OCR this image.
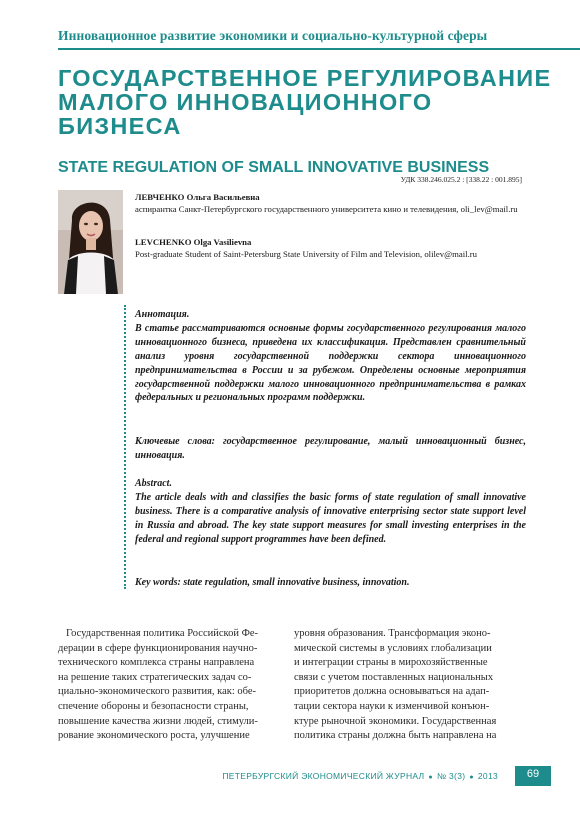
Инновационное развитие экономики и социально-культурной сферы
ГОСУДАРСТВЕННОЕ РЕГУЛИРОВАНИЕ
МАЛОГО ИННОВАЦИОННОГО
БИЗНЕСА
STATE REGULATION OF SMALL INNOVATIVE BUSINESS
УДК 338.246.025.2 : [338.22 : 001.895]
ЛЕВЧЕНКО Ольга Васильевна
аспирантка Санкт-Петербургского государственного университета кино и телевидения, oli_lev@mail.ru
LEVCHENKO Olga Vasilievna
Post-graduate Student of Saint-Petersburg State University of Film and Television, olilev@mail.ru

Аннотация.

В статье рассматриваются основные формы государственного регулирования малого инновационного бизнеса, приведена их классификация. Представлен сравнительный анализ уровня государственной поддержки сектора инновационного предпринимательства в России и за рубежом. Определены основные мероприятия государственной поддержки малого инновационного предпринимательства в рамках федеральных и региональных программ поддержки.

Ключевые слова: государственное регулирование, малый инновационный бизнес, инновация.

Abstract.

The article deals with and classifies the basic forms of state regulation of small innovative business. There is a comparative analysis of innovative enterprising sector state support level in Russia and abroad. The key state support measures for small investing enterprises in the federal and regional support programmes have been defined.

Key words: state regulation, small innovative business, innovation.

Государственная политика Российской Фе-
дерации в сфере функционирования научно-
технического комплекса страны направлена
на решение таких стратегических задач со-
циально-экономического развития, как: обе-
спечение обороны и безопасности страны,
повышение качества жизни людей, стимули-
рование экономического роста, улучшение
уровня образования. Трансформация эконо-
мической системы в условиях глобализации
и интеграции страны в мирохозяйственные
связи с учетом поставленных национальных
приоритетов должна основываться на адап-
тации сектора науки к изменчивой конъюн-
ктуре рыночной экономики. Государственная
политика страны должна быть направлена на
ПЕТЕРБУРГСКИЙ ЭКОНОМИЧЕСКИЙ ЖУРНАЛ ● № 3(3) ● 2013	69
